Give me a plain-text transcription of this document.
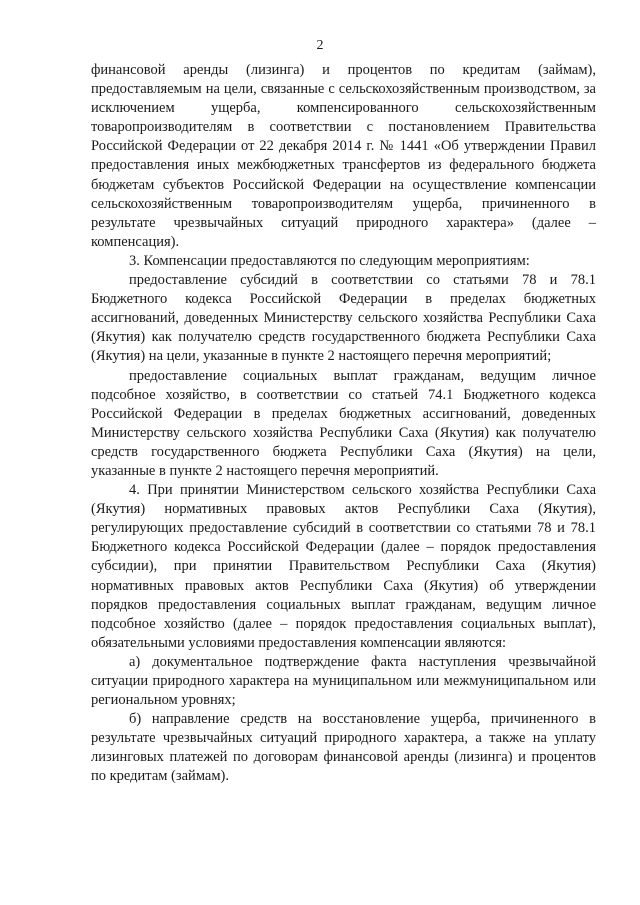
2

финансовой аренды (лизинга) и процентов по кредитам (займам), предоставляемым на цели, связанные с сельскохозяйственным производством, за исключением ущерба, компенсированного сельскохозяйственным товаропроизводителям в соответствии с постановлением Правительства Российской Федерации от 22 декабря 2014 г. № 1441 «Об утверждении Правил предоставления иных межбюджетных трансфертов из федерального бюджета бюджетам субъектов Российской Федерации на осуществление компенсации сельскохозяйственным товаропроизводителям ущерба, причиненного в результате чрезвычайных ситуаций природного характера» (далее – компенсация).

3. Компенсации предоставляются по следующим мероприятиям:

предоставление субсидий в соответствии со статьями 78 и 78.1 Бюджетного кодекса Российской Федерации в пределах бюджетных ассигнований, доведенных Министерству сельского хозяйства Республики Саха (Якутия) как получателю средств государственного бюджета Республики Саха (Якутия) на цели, указанные в пункте 2 настоящего перечня мероприятий;

предоставление социальных выплат гражданам, ведущим личное подсобное хозяйство, в соответствии со статьей 74.1 Бюджетного кодекса Российской Федерации в пределах бюджетных ассигнований, доведенных Министерству сельского хозяйства Республики Саха (Якутия) как получателю средств государственного бюджета Республики Саха (Якутия) на цели, указанные в пункте 2 настоящего перечня мероприятий.

4. При принятии Министерством сельского хозяйства Республики Саха (Якутия) нормативных правовых актов Республики Саха (Якутия), регулирующих предоставление субсидий в соответствии со статьями 78 и 78.1 Бюджетного кодекса Российской Федерации (далее – порядок предоставления субсидии), при принятии Правительством Республики Саха (Якутия) нормативных правовых актов Республики Саха (Якутия) об утверждении порядков предоставления социальных выплат гражданам, ведущим личное подсобное хозяйство (далее – порядок предоставления социальных выплат), обязательными условиями предоставления компенсации являются:

а) документальное подтверждение факта наступления чрезвычайной ситуации природного характера на муниципальном или межмуниципальном или региональном уровнях;

б) направление средств на восстановление ущерба, причиненного в результате чрезвычайных ситуаций природного характера, а также на уплату лизинговых платежей по договорам финансовой аренды (лизинга) и процентов по кредитам (займам).
